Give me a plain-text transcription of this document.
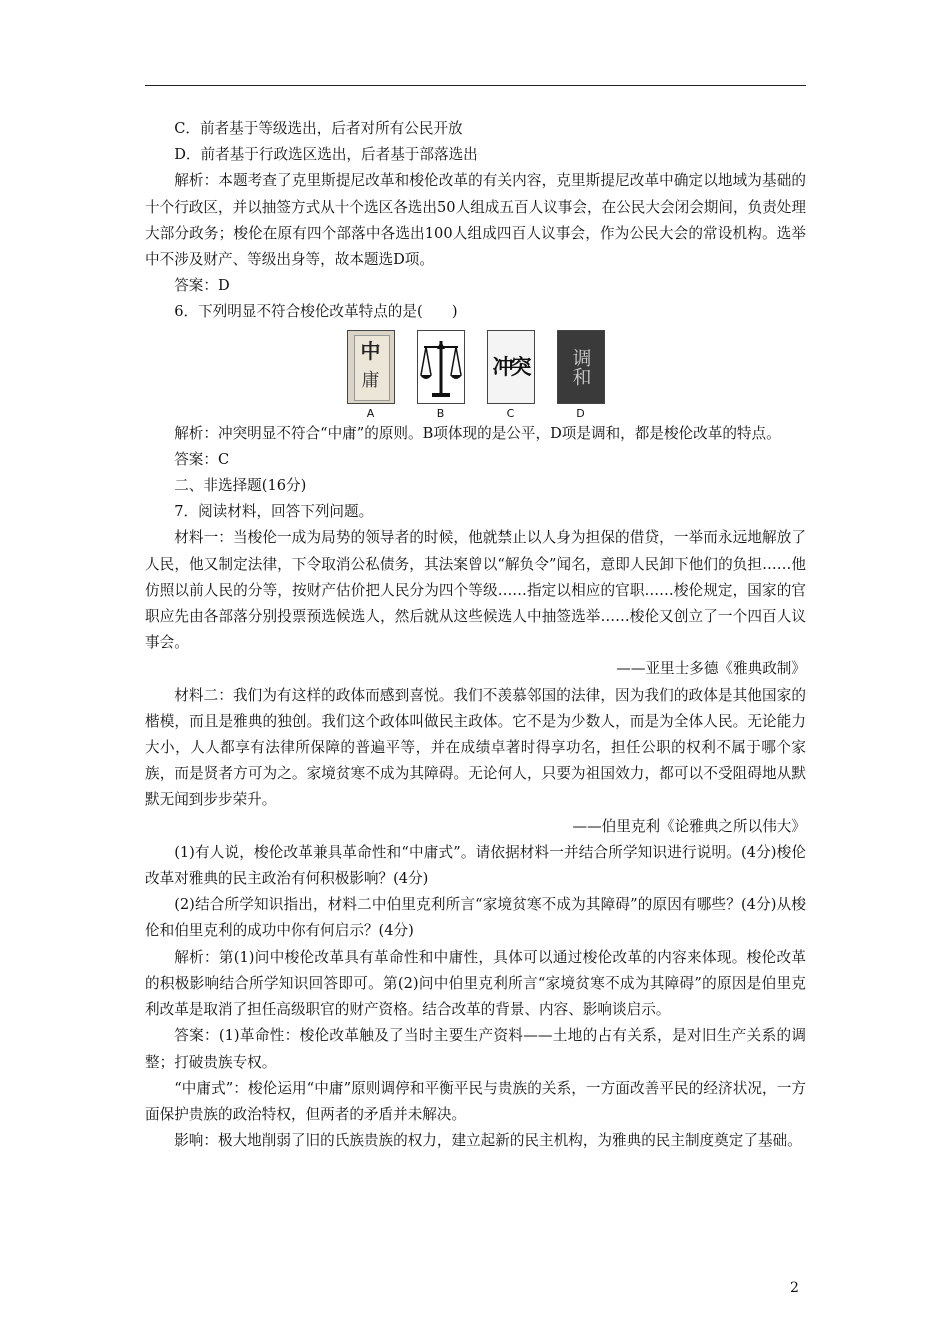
C．前者基于等级选出，后者对所有公民开放

D．前者基于行政选区选出，后者基于部落选出

解析：本题考查了克里斯提尼改革和梭伦改革的有关内容，克里斯提尼改革中确定以地域为基础的十个行政区，并以抽签方式从十个选区各选出50人组成五百人议事会，在公民大会闭会期间，负责处理大部分政务；梭伦在原有四个部落中各选出100人组成四百人议事会，作为公民大会的常设机构。选举中不涉及财产、等级出身等，故本题选D项。

答案：D

6．下列明显不符合梭伦改革特点的是(　　)

中
庸
A	B
冲突
C
调和
D

解析：冲突明显不符合“中庸”的原则。B项体现的是公平，D项是调和，都是梭伦改革的特点。

答案：C

二、非选择题(16分)

7．阅读材料，回答下列问题。

材料一：当梭伦一成为局势的领导者的时候，他就禁止以人身为担保的借贷，一举而永远地解放了人民，他又制定法律，下令取消公私债务，其法案曾以“解负令”闻名，意即人民卸下他们的负担……他仿照以前人民的分等，按财产估价把人民分为四个等级……指定以相应的官职……梭伦规定，国家的官职应先由各部落分别投票预选候选人，然后就从这些候选人中抽签选举……梭伦又创立了一个四百人议事会。

——亚里士多德《雅典政制》

材料二：我们为有这样的政体而感到喜悦。我们不羡慕邻国的法律，因为我们的政体是其他国家的楷模，而且是雅典的独创。我们这个政体叫做民主政体。它不是为少数人，而是为全体人民。无论能力大小，人人都享有法律所保障的普遍平等，并在成绩卓著时得享功名，担任公职的权利不属于哪个家族，而是贤者方可为之。家境贫寒不成为其障碍。无论何人，只要为祖国效力，都可以不受阻碍地从默默无闻到步步荣升。

——伯里克利《论雅典之所以伟大》

(1)有人说，梭伦改革兼具革命性和“中庸式”。请依据材料一并结合所学知识进行说明。(4分)梭伦改革对雅典的民主政治有何积极影响？(4分)

(2)结合所学知识指出，材料二中伯里克利所言“家境贫寒不成为其障碍”的原因有哪些？(4分)从梭伦和伯里克利的成功中你有何启示？(4分)

解析：第(1)问中梭伦改革具有革命性和中庸性，具体可以通过梭伦改革的内容来体现。梭伦改革的积极影响结合所学知识回答即可。第(2)问中伯里克利所言“家境贫寒不成为其障碍”的原因是伯里克利改革是取消了担任高级职官的财产资格。结合改革的背景、内容、影响谈启示。

答案：(1)革命性：梭伦改革触及了当时主要生产资料——土地的占有关系，是对旧生产关系的调整；打破贵族专权。

“中庸式”：梭伦运用“中庸”原则调停和平衡平民与贵族的关系，一方面改善平民的经济状况，一方面保护贵族的政治特权，但两者的矛盾并未解决。

影响：极大地削弱了旧的氏族贵族的权力，建立起新的民主机构，为雅典的民主制度奠定了基础。

2
